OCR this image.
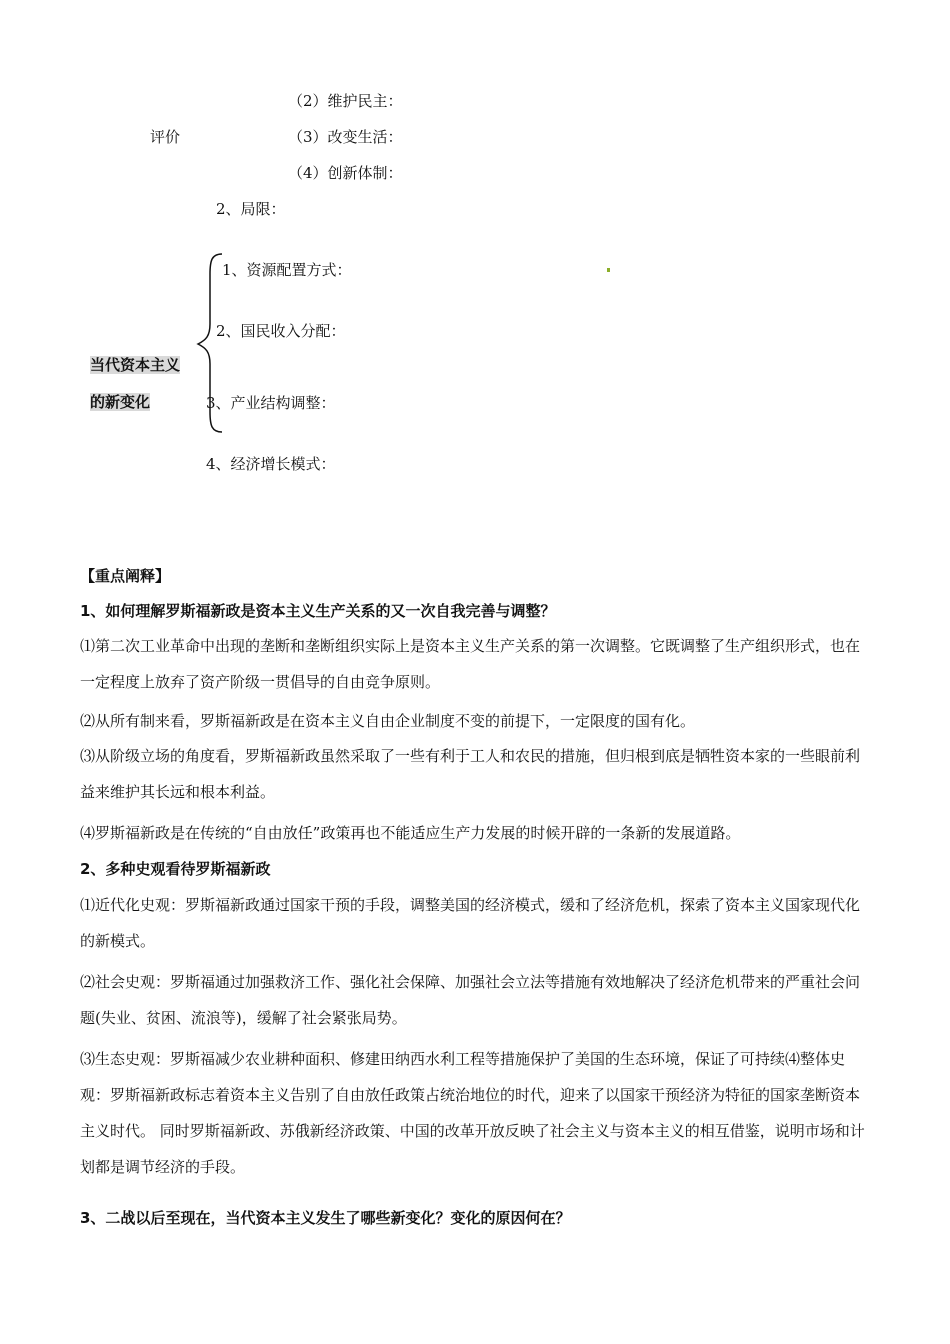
（2）维护民主：
评价	（3）改变生活：
（4）创新体制：
2、局限：
1、资源配置方式：
2、国民收入分配：
当代资本主义
3、产业结构调整：
的新变化
4、经济增长模式：
【重点阐释】
1、如何理解罗斯福新政是资本主义生产关系的又一次自我完善与调整？
⑴第二次工业革命中出现的垄断和垄断组织实际上是资本主义生产关系的第一次调整。它既调整了生产组织形式，也在一定程度上放弃了资产阶级一贯倡导的自由竞争原则。
⑵从所有制来看，罗斯福新政是在资本主义自由企业制度不变的前提下，一定限度的国有化。
⑶从阶级立场的角度看，罗斯福新政虽然采取了一些有利于工人和农民的措施，但归根到底是牺牲资本家的一些眼前利益来维护其长远和根本利益。
⑷罗斯福新政是在传统的“自由放任”政策再也不能适应生产力发展的时候开辟的一条新的发展道路。
2、多种史观看待罗斯福新政
⑴近代化史观：罗斯福新政通过国家干预的手段，调整美国的经济模式，缓和了经济危机，探索了资本主义国家现代化的新模式。
⑵社会史观：罗斯福通过加强救济工作、强化社会保障、加强社会立法等措施有效地解决了经济危机带来的严重社会问题(失业、贫困、流浪等)，缓解了社会紧张局势。
⑶生态史观：罗斯福减少农业耕种面积、修建田纳西水利工程等措施保护了美国的生态环境，保证了可持续⑷整体史观：罗斯福新政标志着资本主义告别了自由放任政策占统治地位的时代，迎来了以国家干预经济为特征的国家垄断资本主义时代。 同时罗斯福新政、苏俄新经济政策、中国的改革开放反映了社会主义与资本主义的相互借鉴，说明市场和计划都是调节经济的手段。
3、二战以后至现在，当代资本主义发生了哪些新变化？变化的原因何在？
